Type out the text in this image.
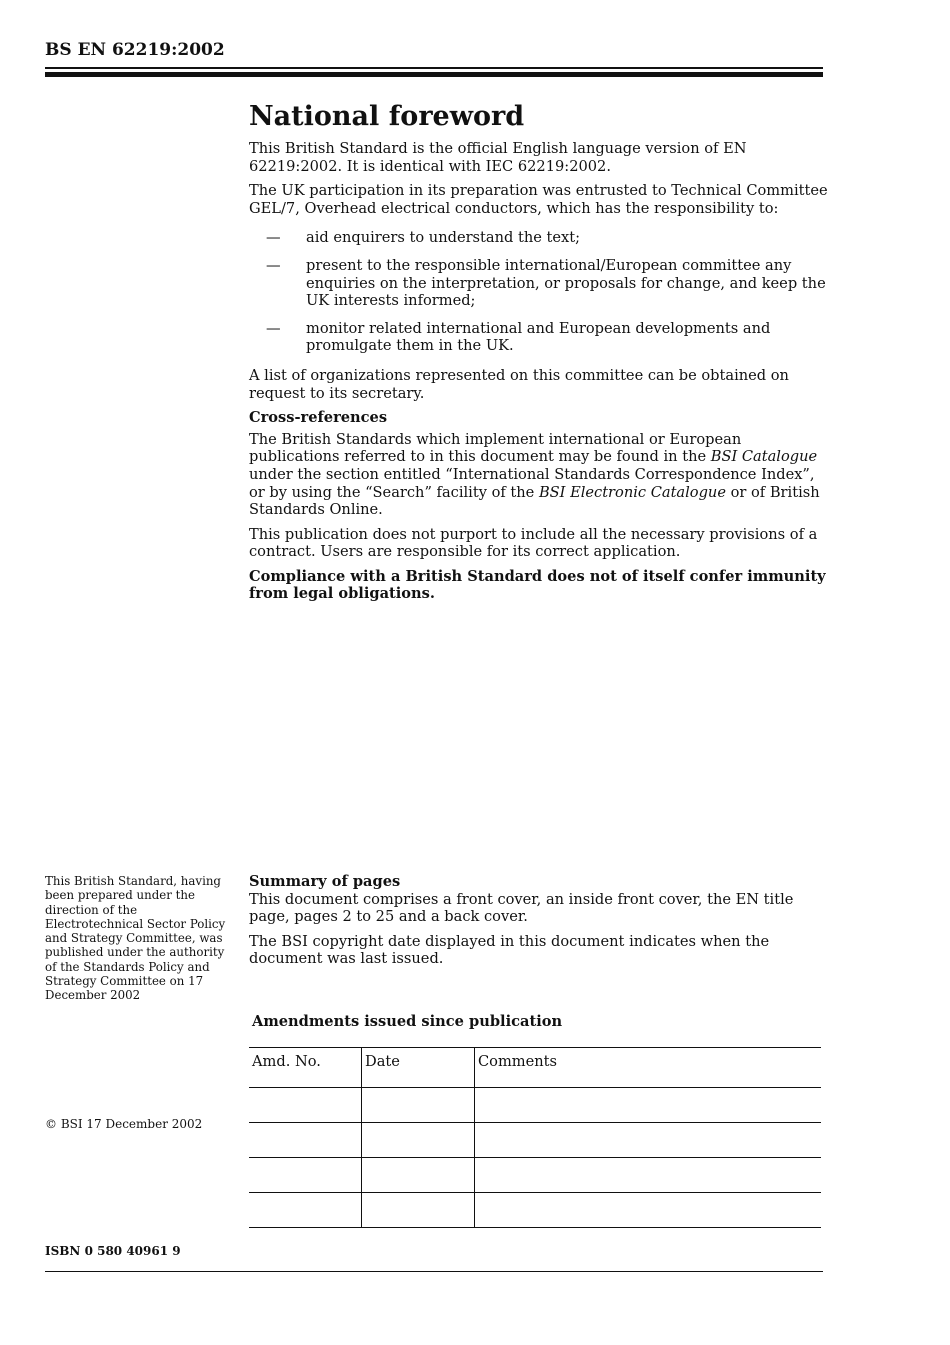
BS EN 62219:2002
National foreword

This British Standard is the official English language version of EN 62219:2002. It is identical with IEC 62219:2002.

The UK participation in its preparation was entrusted to Technical Committee GEL/7, Overhead electrical conductors, which has the responsibility to:

— aid enquirers to understand the text;
— present to the responsible international/European committee any enquiries on the interpretation, or proposals for change, and keep the UK interests informed;
— monitor related international and European developments and promulgate them in the UK.

A list of organizations represented on this committee can be obtained on request to its secretary.

Cross-references

The British Standards which implement international or European publications referred to in this document may be found in the BSI Catalogue under the section entitled “International Standards Correspondence Index”, or by using the “Search” facility of the BSI Electronic Catalogue or of British Standards Online.

This publication does not purport to include all the necessary provisions of a contract. Users are responsible for its correct application.

Compliance with a British Standard does not of itself confer immunity from legal obligations.

This British Standard, having been prepared under the direction of the Electrotechnical Sector Policy and Strategy Committee, was published under the authority of the Standards Policy and Strategy Committee on 17 December 2002
Summary of pages

This document comprises a front cover, an inside front cover, the EN title page, pages 2 to 25 and a back cover.

The BSI copyright date displayed in this document indicates when the document was last issued.

Amendments issued since publication
Amd. No.	Date	Comments

© BSI 17 December 2002
ISBN 0 580 40961 9
